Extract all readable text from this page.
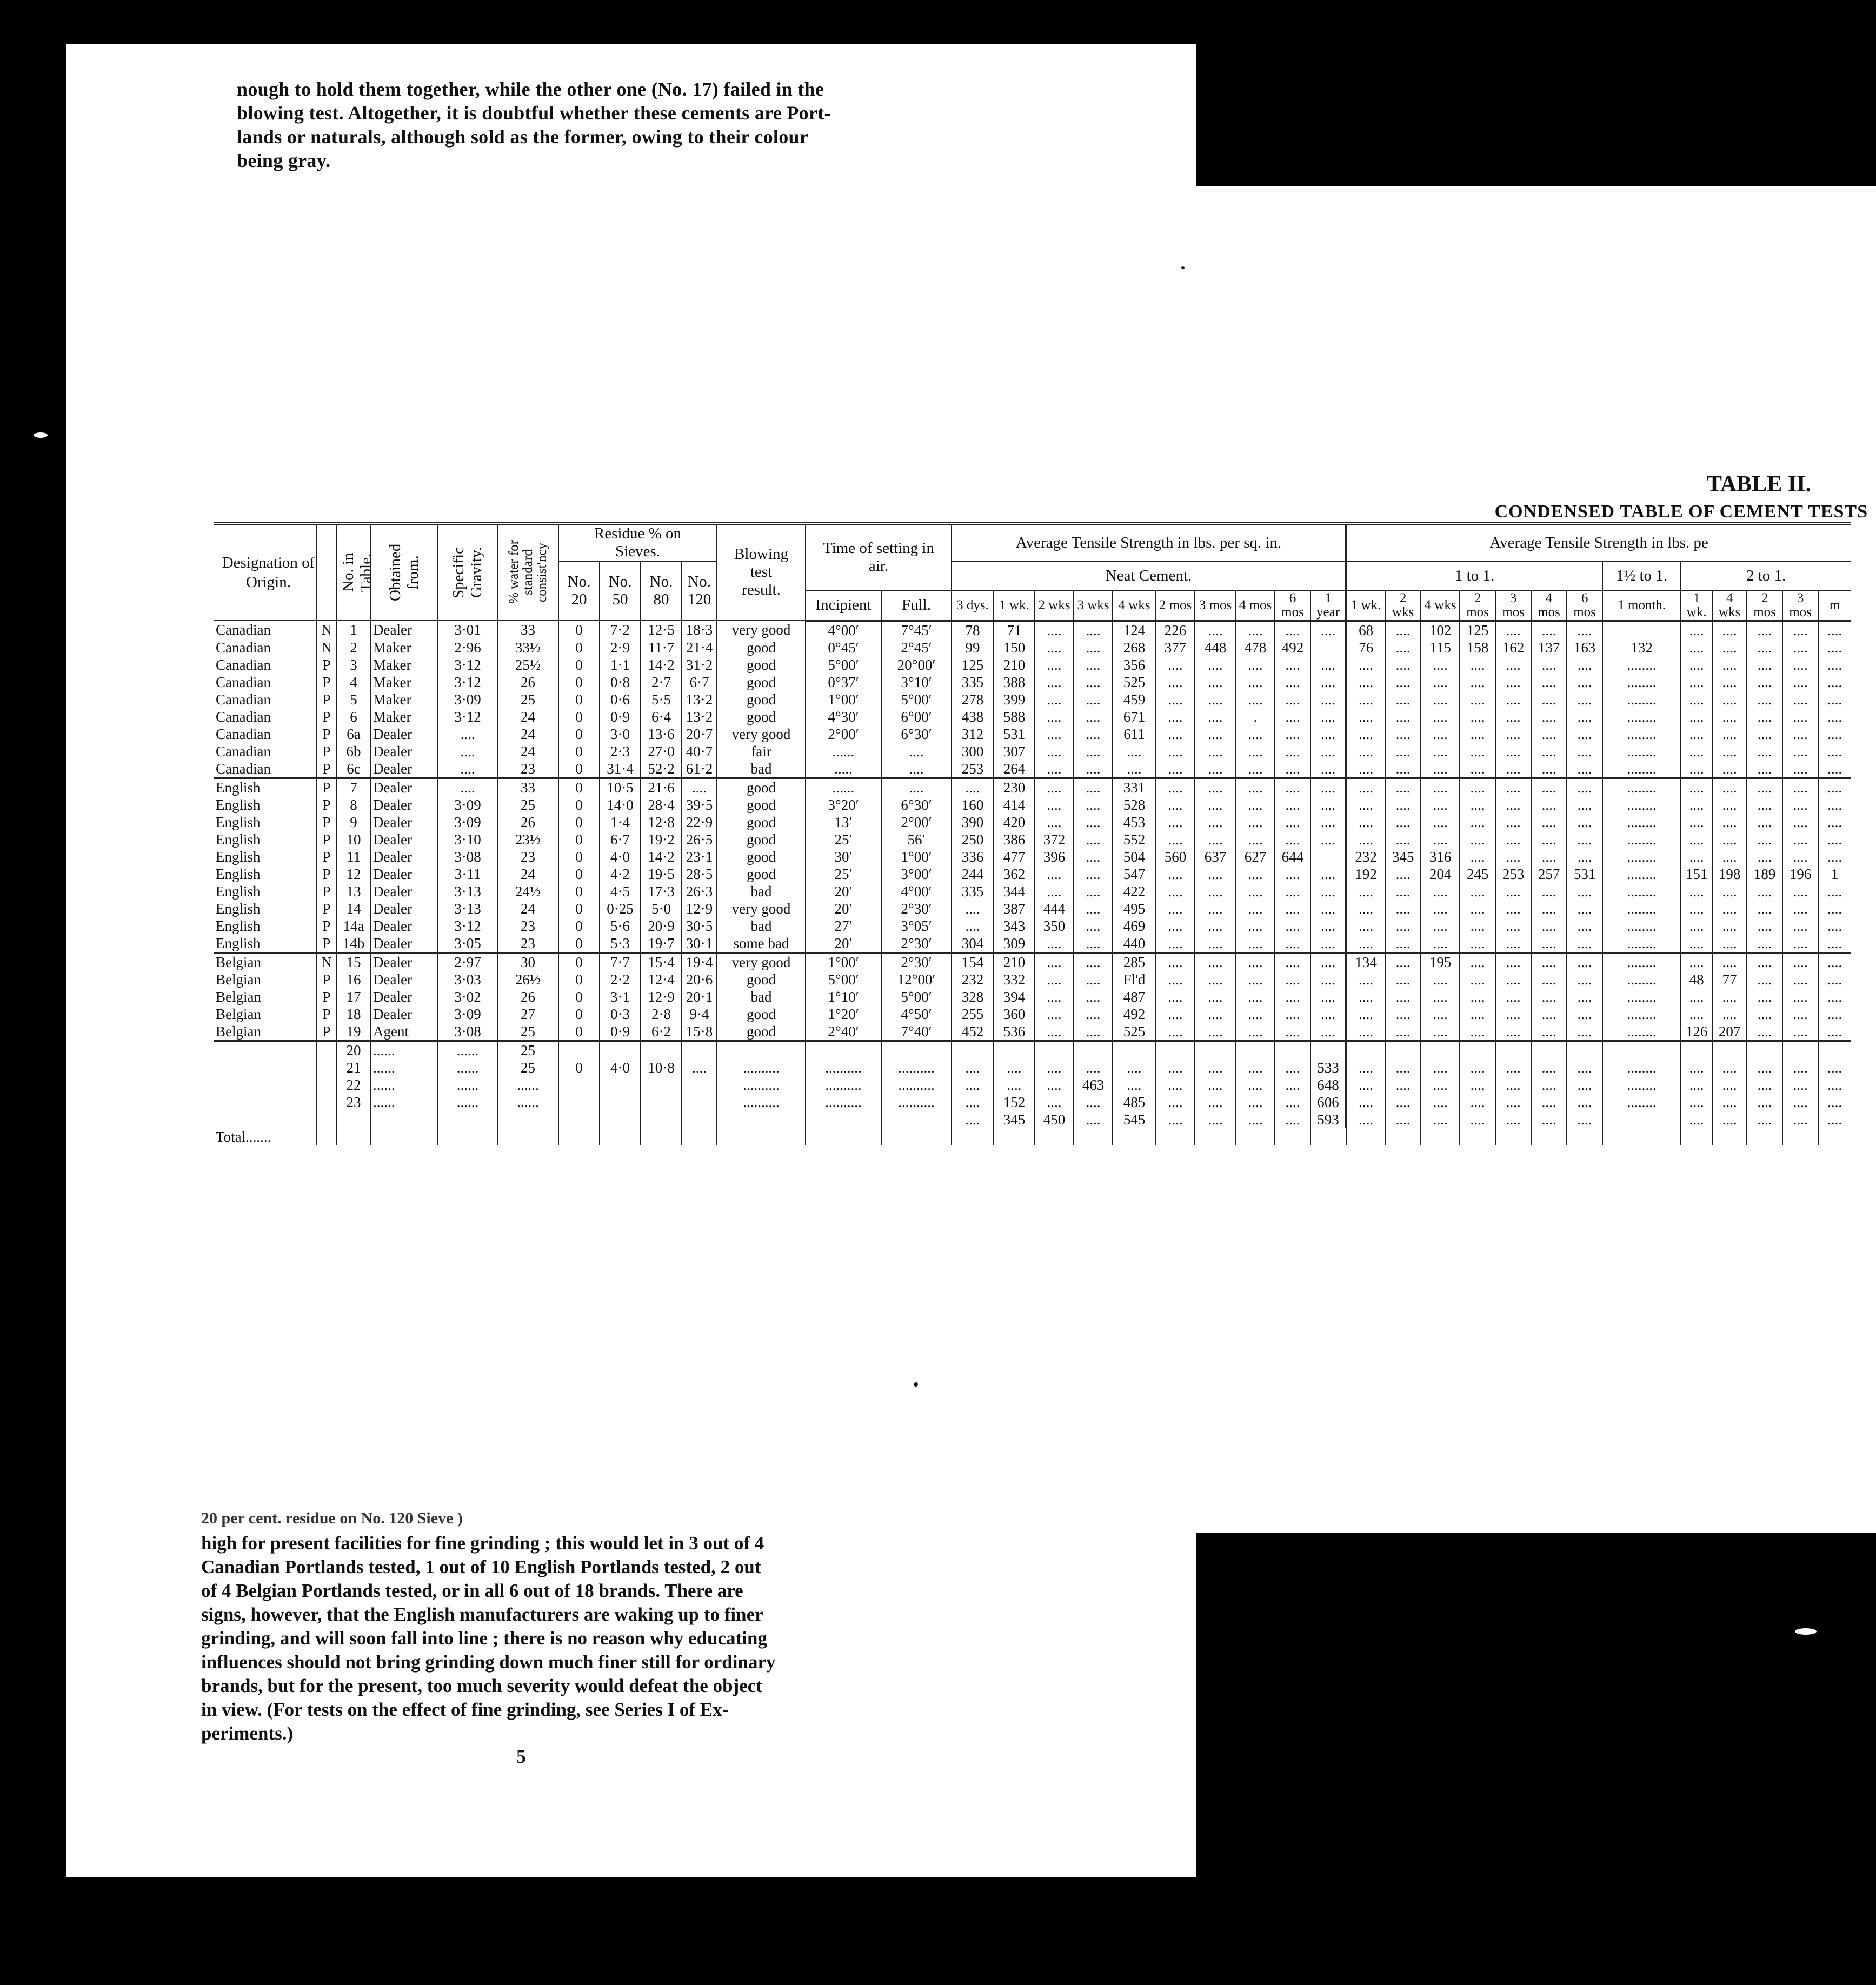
nough to hold them together, while the other one (No. 17) failed in the
blowing test. Altogether, it is doubtful whether these cements are Port-
lands or naturals, although sold as the former, owing to their colour
being gray.
TABLE II.
CONDENSED TABLE OF CEMENT TESTS
Designation of Origin.		No. in Table.	Obtained from.	Specific Gravity.	% water for standard consist'ncy	Residue % on Sieves.				Blowing test result.	Time of setting in air.		Average Tensile Strength in lbs. per sq. in.										Average Tensile Strength in lbs. pe												
						No. 20	No. 50	No. 80	No. 120				Neat Cement.										1 to 1.							1½ to 1.	2 to 1.				
											Incipient	Full.	3 dys.	1 wk.	2 wks	3 wks	4 wks	2 mos	3 mos	4 mos	6 mos	1 year	1 wk.	2 wks	4 wks	2 mos	3 mos	4 mos	6 mos	1 month.	1 wk.	4 wks	2 mos	3 mos	m
Canadian	N	1	Dealer	3·01	33	0	7·2	12·5	18·3	very good	4°00′	7°45′	78	71	....	....	124	226	....	....	....	....	68	....	102	125	....	....	....		....	....	....	....	....
Canadian	N	2	Maker	2·96	33½	0	2·9	11·7	21·4	good	0°45′	2°45′	99	150	....	....	268	377	448	478	492		76	....	115	158	162	137	163	132	....	....	....	....	....
Canadian	P	3	Maker	3·12	25½	0	1·1	14·2	31·2	good	5°00′	20°00′	125	210	....	....	356	....	....	....	....	....	....	....	....	....	....	....	....	........	....	....	....	....	....
Canadian	P	4	Maker	3·12	26	0	0·8	2·7	6·7	good	0°37′	3°10′	335	388	....	....	525	....	....	....	....	....	....	....	....	....	....	....	....	........	....	....	....	....	....
Canadian	P	5	Maker	3·09	25	0	0·6	5·5	13·2	good	1°00′	5°00′	278	399	....	....	459	....	....	....	....	....	....	....	....	....	....	....	....	........	....	....	....	....	....
Canadian	P	6	Maker	3·12	24	0	0·9	6·4	13·2	good	4°30′	6°00′	438	588	....	....	671	....	....	.	....	....	....	....	....	....	....	....	....	........	....	....	....	....	....
Canadian	P	6a	Dealer	....	24	0	3·0	13·6	20·7	very good	2°00′	6°30′	312	531	....	....	611	....	....	....	....	....	....	....	....	....	....	....	....	........	....	....	....	....	....
Canadian	P	6b	Dealer	....	24	0	2·3	27·0	40·7	fair	......	....	300	307	....	....	....	....	....	....	....	....	....	....	....	....	....	....	....	........	....	....	....	....	....
Canadian	P	6c	Dealer	....	23	0	31·4	52·2	61·2	bad	.....	....	253	264	....	....	....	....	....	....	....	....	....	....	....	....	....	....	....	........	....	....	....	....	....
English	P	7	Dealer	....	33	0	10·5	21·6	....	good	......	....	....	230	....	....	331	....	....	....	....	....	....	....	....	....	....	....	....	........	....	....	....	....	....
English	P	8	Dealer	3·09	25	0	14·0	28·4	39·5	good	3°20′	6°30′	160	414	....	....	528	....	....	....	....	....	....	....	....	....	....	....	....	........	....	....	....	....	....
English	P	9	Dealer	3·09	26	0	1·4	12·8	22·9	good	13′	2°00′	390	420	....	....	453	....	....	....	....	....	....	....	....	....	....	....	....	........	....	....	....	....	....
English	P	10	Dealer	3·10	23½	0	6·7	19·2	26·5	good	25′	56′	250	386	372	....	552	....	....	....	....	....	....	....	....	....	....	....	....	........	....	....	....	....	....
English	P	11	Dealer	3·08	23	0	4·0	14·2	23·1	good	30′	1°00′	336	477	396	....	504	560	637	627	644		232	345	316	....	....	....	....	........	....	....	....	....	....
English	P	12	Dealer	3·11	24	0	4·2	19·5	28·5	good	25′	3°00′	244	362	....	....	547	....	....	....	....	....	192	....	204	245	253	257	531	........	151	198	189	196	1
English	P	13	Dealer	3·13	24½	0	4·5	17·3	26·3	bad	20′	4°00′	335	344	....	....	422	....	....	....	....	....	....	....	....	....	....	....	....	........	....	....	....	....	....
English	P	14	Dealer	3·13	24	0	0·25	5·0	12·9	very good	20′	2°30′	....	387	444	....	495	....	....	....	....	....	....	....	....	....	....	....	....	........	....	....	....	....	....
English	P	14a	Dealer	3·12	23	0	5·6	20·9	30·5	bad	27′	3°05′	....	343	350	....	469	....	....	....	....	....	....	....	....	....	....	....	....	........	....	....	....	....	....
English	P	14b	Dealer	3·05	23	0	5·3	19·7	30·1	some bad	20′	2°30′	304	309	....	....	440	....	....	....	....	....	....	....	....	....	....	....	....	........	....	....	....	....	....
Belgian	N	15	Dealer	2·97	30	0	7·7	15·4	19·4	very good	1°00′	2°30′	154	210	....	....	285	....	....	....	....	....	134	....	195	....	....	....	....	........	....	....	....	....	....
Belgian	P	16	Dealer	3·03	26½	0	2·2	12·4	20·6	good	5°00′	12°00′	232	332	....	....	Fl'd	....	....	....	....	....	....	....	....	....	....	....	....	........	48	77	....	....	....
Belgian	P	17	Dealer	3·02	26	0	3·1	12·9	20·1	bad	1°10′	5°00′	328	394	....	....	487	....	....	....	....	....	....	....	....	....	....	....	....	........	....	....	....	....	....
Belgian	P	18	Dealer	3·09	27	0	0·3	2·8	9·4	good	1°20′	4°50′	255	360	....	....	492	....	....	....	....	....	....	....	....	....	....	....	....	........	....	....	....	....	....
Belgian	P	19	Agent	3·08	25	0	0·9	6·2	15·8	good	2°40′	7°40′	452	536	....	....	525	....	....	....	....	....	....	....	....	....	....	....	....	........	126	207	....	....	....
		20	......	......	25																														
		21	......	......	25	0	4·0	10·8	....	..........	..........	..........	....	....	....	....	....	....	....	....	....	533	....	....	....	....	....	....	....	........	....	....	....	....	....
		22	......	......	......					..........	..........	..........	....	....	....	463	....	....	....	....	....	648	....	....	....	....	....	....	....	........	....	....	....	....	....
		23	......	......	......					..........	..........	..........	....	152	....	....	485	....	....	....	....	606	....	....	....	....	....	....	....	........	....	....	....	....	....
													....	345	450	....	545	....	....	....	....	593	....	....	....	....	....	....	....		....	....	....	....	....
Total.......																																			
20 per cent. residue on No. 120 Sieve )
high for present facilities for fine grinding ; this would let in 3 out of 4
Canadian Portlands tested, 1 out of 10 English Portlands tested, 2 out
of 4 Belgian Portlands tested, or in all 6 out of 18 brands. There are
signs, however, that the English manufacturers are waking up to finer
grinding, and will soon fall into line ; there is no reason why educating
influences should not bring grinding down much finer still for ordinary
brands, but for the present, too much severity would defeat the object
in view. (For tests on the effect of fine grinding, see Series I of Ex-
periments.)
5
